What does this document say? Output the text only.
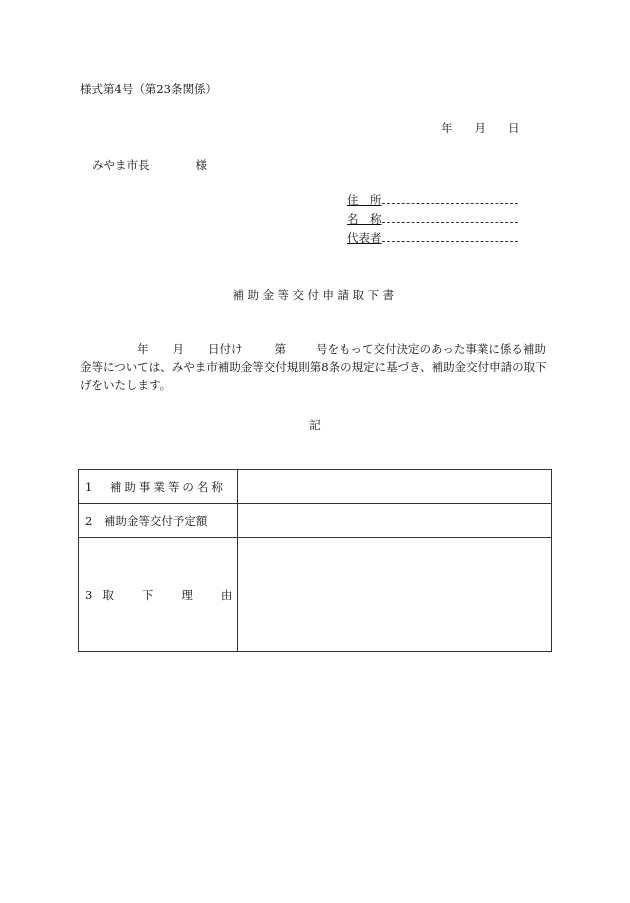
様式第4号（第23条関係）
年 月 日
みやま市長	様
住　所
名　称
代表者
補助金等交付申請取下書
年 月 日付け	第	号をもって交付決定のあった事業に係る補助金等については、みやま市補助金等交付規則第8条の規定に基づき、補助金交付申請の取下げをいたします。
記
1　補助事業等の名称	
2　補助金等交付予定額	
3 取 下 理 由	
